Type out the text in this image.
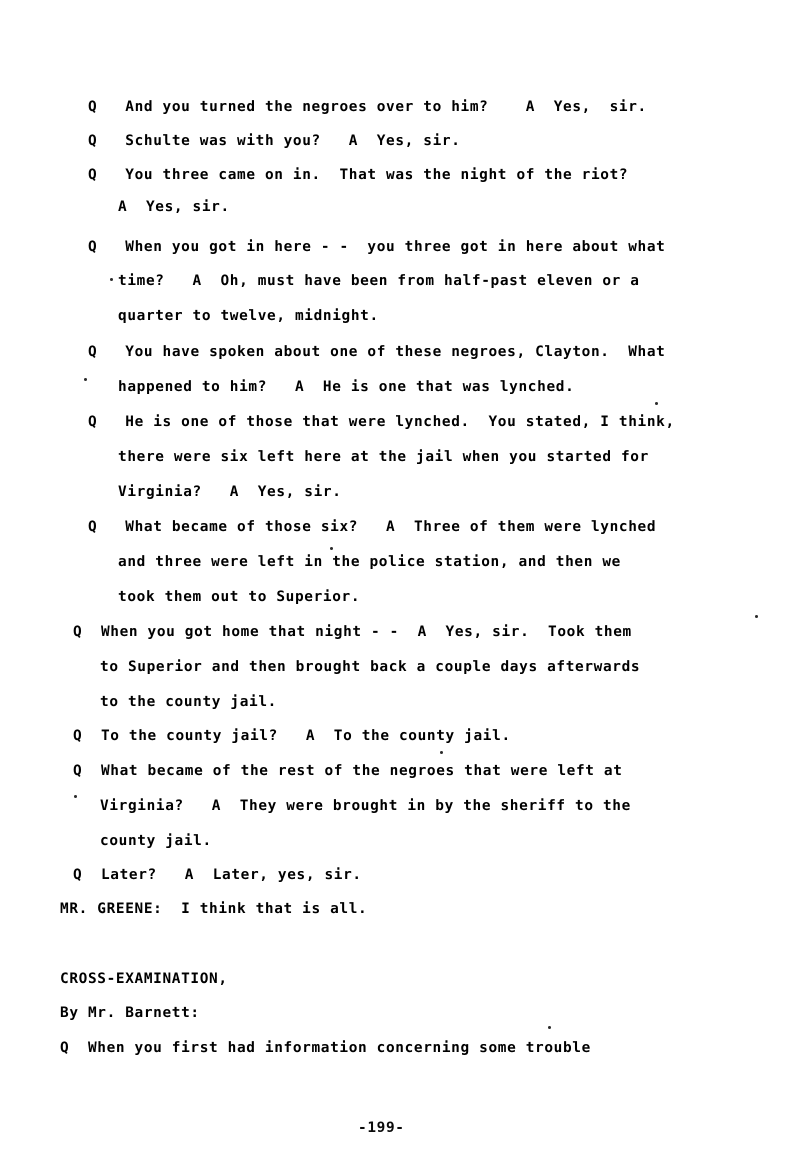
Q   And you turned the negroes over to him?    A  Yes,  sir.
Q   Schulte was with you?   A  Yes, sir.
Q   You three came on in.  That was the night of the riot?
A  Yes, sir.
Q   When you got in here - -  you three got in here about what
time?   A  Oh, must have been from half-past eleven or a
quarter to twelve, midnight.
Q   You have spoken about one of these negroes, Clayton.  What
happened to him?   A  He is one that was lynched.
Q   He is one of those that were lynched.  You stated, I think,
there were six left here at the jail when you started for
Virginia?   A  Yes, sir.
Q   What became of those six?   A  Three of them were lynched
and three were left in the police station, and then we
took them out to Superior.
Q  When you got home that night - -  A  Yes, sir.  Took them
to Superior and then brought back a couple days afterwards
to the county jail.
Q  To the county jail?   A  To the county jail.
Q  What became of the rest of the negroes that were left at
Virginia?   A  They were brought in by the sheriff to the
county jail.
Q  Later?   A  Later, yes, sir.
MR. GREENE:  I think that is all.
CROSS-EXAMINATION,
By Mr. Barnett:
Q  When you first had information concerning some trouble
-199-
